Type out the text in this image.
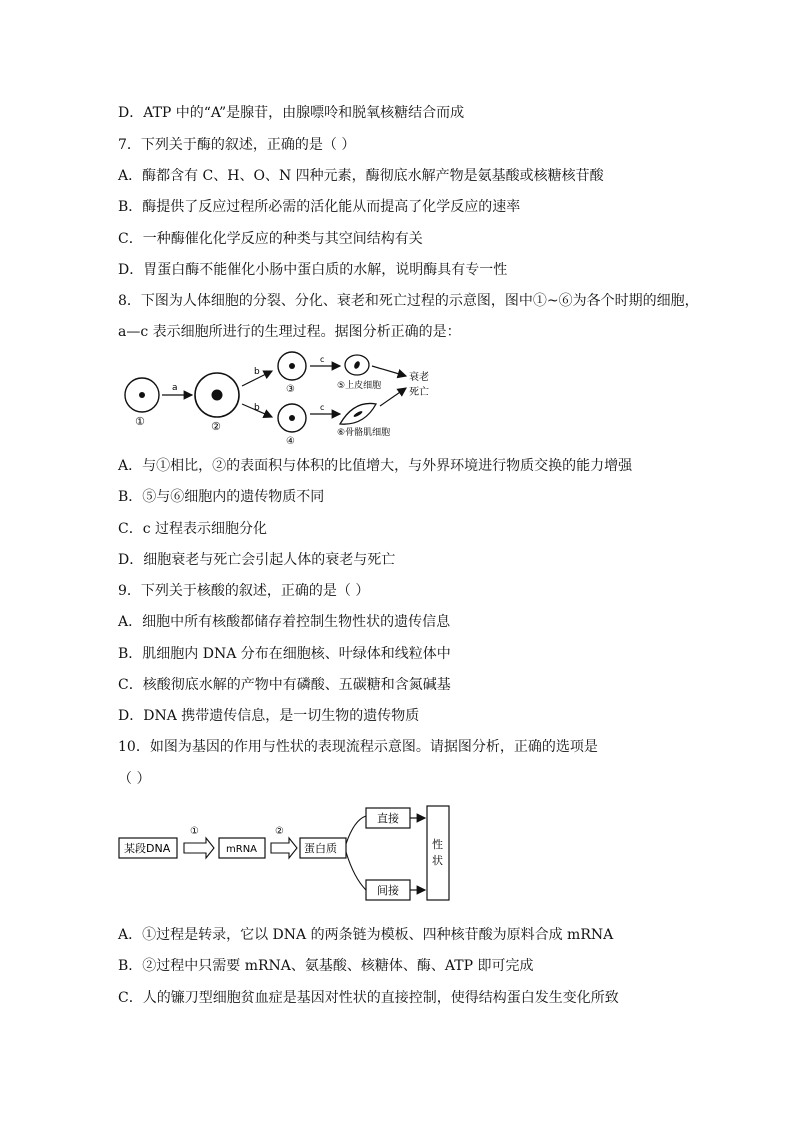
D．ATP 中的“A”是腺苷，由腺嘌呤和脱氧核糖结合而成
7．下列关于酶的叙述，正确的是（ ）
A．酶都含有 C、H、O、N 四种元素，酶彻底水解产物是氨基酸或核糖核苷酸
B．酶提供了反应过程所必需的活化能从而提高了化学反应的速率
C．一种酶催化化学反应的种类与其空间结构有关
D．胃蛋白酶不能催化小肠中蛋白质的水解，说明酶具有专一性
8．下图为人体细胞的分裂、分化、衰老和死亡过程的示意图，图中①~⑥为各个时期的细胞，
a—c 表示细胞所进行的生理过程。据图分析正确的是：
①
a
②
b
b
③
④
c
c
⑤上皮细胞
⑥骨骼肌细胞
衰老
死亡
A．与①相比，②的表面积与体积的比值增大，与外界环境进行物质交换的能力增强
B．⑤与⑥细胞内的遗传物质不同
C．c 过程表示细胞分化
D．细胞衰老与死亡会引起人体的衰老与死亡
9．下列关于核酸的叙述，正确的是（ ）
A．细胞中所有核酸都储存着控制生物性状的遗传信息
B．肌细胞内 DNA 分布在细胞核、叶绿体和线粒体中
C．核酸彻底水解的产物中有磷酸、五碳糖和含氮碱基
D．DNA 携带遗传信息，是一切生物的遗传物质
10．如图为基因的作用与性状的表现流程示意图。请据图分析，正确的选项是
（ ）
某段DNA
①
mRNA
②
蛋白质
直接
间接
性
状
A．①过程是转录，它以 DNA 的两条链为模板、四种核苷酸为原料合成 mRNA
B．②过程中只需要 mRNA、氨基酸、核糖体、酶、ATP 即可完成
C．人的镰刀型细胞贫血症是基因对性状的直接控制，使得结构蛋白发生变化所致
